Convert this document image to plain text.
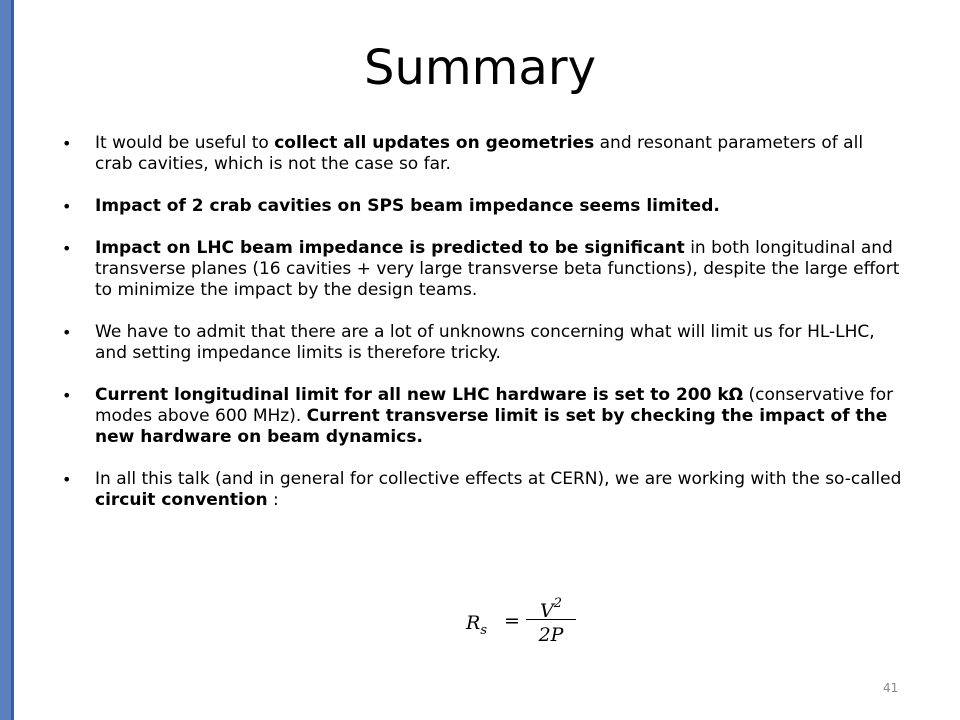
Summary
• It would be useful to collect all updates on geometries and resonant parameters of all crab cavities, which is not the case so far.
• Impact of 2 crab cavities on SPS beam impedance seems limited.
• Impact on LHC beam impedance is predicted to be significant in both longitudinal and transverse planes (16 cavities + very large transverse beta functions), despite the large effort to minimize the impact by the design teams.
• We have to admit that there are a lot of unknowns concerning what will limit us for HL-LHC, and setting impedance limits is therefore tricky.
• Current longitudinal limit for all new LHC hardware is set to 200 kΩ (conservative for modes above 600 MHz). Current transverse limit is set by checking the impact of the new hardware on beam dynamics.
• In all this talk (and in general for collective effects at CERN), we are working with the so-called circuit convention :
$R_s$ =	$V^2$
2P
41
